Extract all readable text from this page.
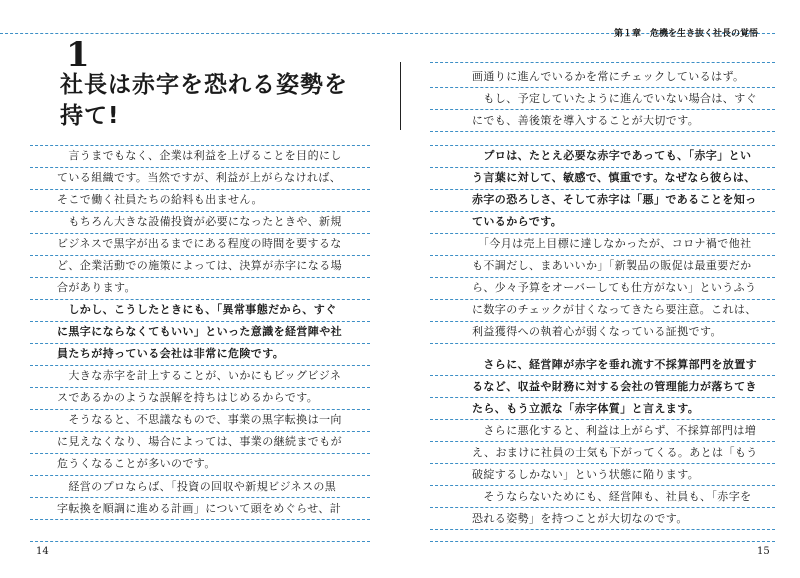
1
社長は赤字を恐れる姿勢を
持て!
　言うまでもなく、企業は利益を上げることを目的にし
ている組織です。当然ですが、利益が上がらなければ、
そこで働く社員たちの給料も出ません。
　もちろん大きな設備投資が必要になったときや、新規
ビジネスで黒字が出るまでにある程度の時間を要するな
ど、企業活動での施策によっては、決算が赤字になる場
合があります。
　しかし、こうしたときにも、「異常事態だから、すぐ
に黒字にならなくてもいい」といった意識を経営陣や社
員たちが持っている会社は非常に危険です。
　大きな赤字を計上することが、いかにもビッグビジネ
スであるかのような誤解を持ちはじめるからです。
　そうなると、不思議なもので、事業の黒字転換は一向
に見えなくなり、場合によっては、事業の継続までもが
危うくなることが多いのです。
　経営のプロならば、「投資の回収や新規ビジネスの黒
字転換を順調に進める計画」について頭をめぐらせ、計
14
第１章　危機を生き抜く社長の覚悟
画通りに進んでいるかを常にチェックしているはず。
　もし、予定していたように進んでいない場合は、すぐ
にでも、善後策を導入することが大切です。
　プロは、たとえ必要な赤字であっても、「赤字」とい
う言葉に対して、敏感で、慎重です。なぜなら彼らは、
赤字の恐ろしさ、そして赤字は「悪」であることを知っ
ているからです。
　「今月は売上目標に達しなかったが、コロナ禍で他社
も不調だし、まあいいか」「新製品の販促は最重要だか
ら、少々予算をオーバーしても仕方がない」というふう
に数字のチェックが甘くなってきたら要注意。これは、
利益獲得への執着心が弱くなっている証拠です。
　さらに、経営陣が赤字を垂れ流す不採算部門を放置す
るなど、収益や財務に対する会社の管理能力が落ちてき
たら、もう立派な「赤字体質」と言えます。
　さらに悪化すると、利益は上がらず、不採算部門は増
え、おまけに社員の士気も下がってくる。あとは「もう
破綻するしかない」という状態に陥ります。
　そうならないためにも、経営陣も、社員も、「赤字を
恐れる姿勢」を持つことが大切なのです。
15
